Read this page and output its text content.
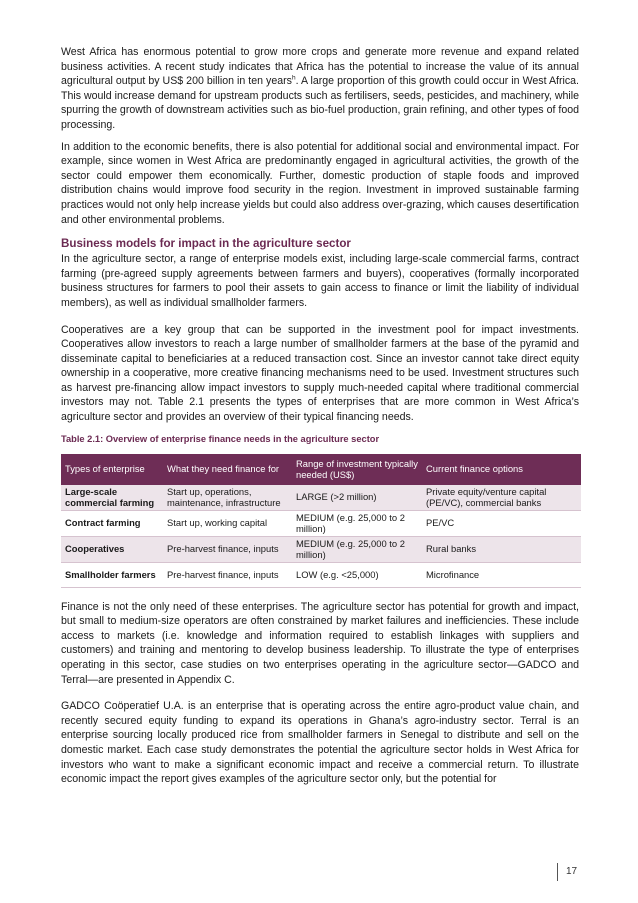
West Africa has enormous potential to grow more crops and generate more revenue and expand related business activities. A recent study indicates that Africa has the potential to increase the value of its annual agricultural output by US$ 200 billion in ten years$^h$. A large proportion of this growth could occur in West Africa. This would increase demand for upstream products such as fertilisers, seeds, pesticides, and machinery, while spurring the growth of downstream activities such as bio-fuel production, grain refining, and other types of food processing.

In addition to the economic benefits, there is also potential for additional social and environmental impact. For example, since women in West Africa are predominantly engaged in agricultural activities, the growth of the sector could empower them economically. Further, domestic production of staple foods and improved distribution chains would improve food security in the region. Investment in improved sustainable farming practices would not only help increase yields but could also address over-grazing, which causes desertification and other environmental problems.

Business models for impact in the agriculture sector

In the agriculture sector, a range of enterprise models exist, including large-scale commercial farms, contract farming (pre-agreed supply agreements between farmers and buyers), cooperatives (formally incorporated business structures for farmers to pool their assets to gain access to finance or limit the liability of individual members), as well as individual smallholder farmers.

Cooperatives are a key group that can be supported in the investment pool for impact investments. Cooperatives allow investors to reach a large number of smallholder farmers at the base of the pyramid and disseminate capital to beneficiaries at a reduced transaction cost. Since an investor cannot take direct equity ownership in a cooperative, more creative financing mechanisms need to be used. Investment structures such as harvest pre-financing allow impact investors to supply much-needed capital where traditional commercial investors may not. Table 2.1 presents the types of enterprises that are more common in West Africa’s agriculture sector and provides an overview of their typical financing needs.

Table 2.1: Overview of enterprise finance needs in the agriculture sector
Types of enterprise	What they need finance for	Range of investment typically needed (US$)	Current finance options
Large-scale commercial farming	Start up, operations, maintenance, infrastructure	LARGE (>2 million)	Private equity/venture capital (PE/VC), commercial banks
Contract farming	Start up, working capital	MEDIUM (e.g. 25,000 to 2 million)	PE/VC
Cooperatives	Pre-harvest finance, inputs	MEDIUM (e.g. 25,000 to 2 million)	Rural banks
Smallholder farmers	Pre-harvest finance, inputs	LOW (e.g. <25,000)	Microfinance

Finance is not the only need of these enterprises. The agriculture sector has potential for growth and impact, but small to medium-size operators are often constrained by market failures and inefficiencies. These include access to markets (i.e. knowledge and information required to establish linkages with suppliers and customers) and training and mentoring to develop business leadership. To illustrate the type of enterprises operating in this sector, case studies on two enterprises operating in the agriculture sector—GADCO and Terral—are presented in Appendix C.

GADCO Coöperatief U.A. is an enterprise that is operating across the entire agro-product value chain, and recently secured equity funding to expand its operations in Ghana’s agro-industry sector. Terral is an enterprise sourcing locally produced rice from smallholder farmers in Senegal to distribute and sell on the domestic market. Each case study demonstrates the potential the agriculture sector holds in West Africa for investors who want to make a significant economic impact and receive a commercial return. To illustrate economic impact the report gives examples of the agriculture sector only, but the potential for

17
